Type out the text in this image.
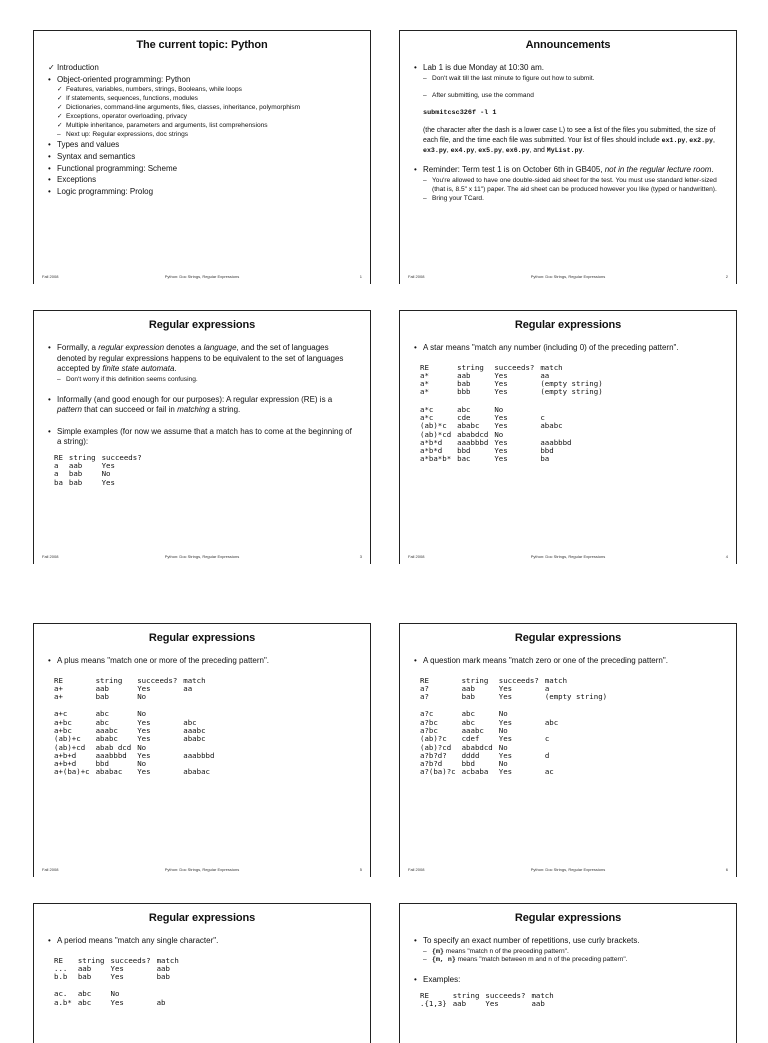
The current topic: Python
✓ Introduction
• Object-oriented programming: Python
✓ Features, variables, numbers, strings, Booleans, while loops
✓ If statements, sequences, functions, modules
✓ Dictionaries, command-line arguments, files, classes, inheritance, polymorphism
✓ Exceptions, operator overloading, privacy
✓ Multiple inheritance, parameters and arguments, list comprehensions
– Next up: Regular expressions, doc strings
• Types and values
• Syntax and semantics
• Functional programming: Scheme
• Exceptions
• Logic programming: Prolog
Fall 2008	Python: Doc Strings, Regular Expressions	1
Announcements
• Lab 1 is due Monday at 10:30 am.
– Don't wait till the last minute to figure out how to submit.
– After submitting, use the command
submitcsc326f -l 1
(the character after the dash is a lower case L) to see a list of the files you submitted, the size of each file, and the time each file was submitted. Your list of files should include ex1.py, ex2.py, ex3.py, ex4.py, ex5.py, ex6.py, and MyList.py.
• Reminder: Term test 1 is on October 6th in GB405, not in the regular lecture room.
– You're allowed to have one double-sided aid sheet for the test. You must use standard letter-sized (that is, 8.5" x 11") paper. The aid sheet can be produced however you like (typed or handwritten).
– Bring your TCard.
Fall 2008	Python: Doc Strings, Regular Expressions	2
Regular expressions
• Formally, a regular expression denotes a language, and the set of languages denoted by regular expressions happens to be equivalent to the set of languages accepted by finite state automata.
– Don't worry if this definition seems confusing.
• Informally (and good enough for our purposes): A regular expression (RE) is a pattern that can succeed or fail in matching a string.
• Simple examples (for now we assume that a match has to come at the beginning of a string):
RE	string	succeeds?
a	aab	Yes
a	bab	No
ba	bab	Yes
Fall 2008	Python: Doc Strings, Regular Expressions	3
Regular expressions
• A star means "match any number (including 0) of the preceding pattern".
RE	string	succeeds?	match
a*	aab	Yes	aa
a*	bab	Yes	(empty string)
a*	bbb	Yes	(empty string)

a*c	abc	No	
a*c	cde	Yes	c
(ab)*c	ababc	Yes	ababc
(ab)*cd	ababdcd	No	
a*b*d	aaabbbd	Yes	aaabbbd
a*b*d	bbd	Yes	bbd
a*ba*b*	bac	Yes	ba
Fall 2008	Python: Doc Strings, Regular Expressions	4
Regular expressions
• A plus means "match one or more of the preceding pattern".
RE	string	succeeds?	match
a+	aab	Yes	aa
a+	bab	No	

a+c	abc	No	
a+bc	abc	Yes	abc
a+bc	aaabc	Yes	aaabc
(ab)+c	ababc	Yes	ababc
(ab)+cd	abab dcd	No	
a+b+d	aaabbbd	Yes	aaabbbd
a+b+d	bbd	No	
a+(ba)+c	ababac	Yes	ababac
Fall 2008	Python: Doc Strings, Regular Expressions	5
Regular expressions
• A question mark means "match zero or one of the preceding pattern".
RE	string	succeeds?	match
a?	aab	Yes	a
a?	bab	Yes	(empty string)

a?c	abc	No	
a?bc	abc	Yes	abc
a?bc	aaabc	No	
(ab)?c	cdef	Yes	c
(ab)?cd	ababdcd	No	
a?b?d?	dddd	Yes	d
a?b?d	bbd	No	
a?(ba)?c	acbaba	Yes	ac
Fall 2008	Python: Doc Strings, Regular Expressions	6
Regular expressions
• A period means "match any single character".
RE	string	succeeds?	match
...	aab	Yes	aab
b.b	bab	Yes	bab

ac.	abc	No	
a.b*	abc	Yes	ab
Regular expressions
• To specify an exact number of repetitions, use curly brackets.
– {m} means "match n of the preceding pattern".
– {m, n} means "match between m and n of the preceding pattern".
• Examples:
RE	string	succeeds?	match
.{1,3}	aab	Yes	aab
